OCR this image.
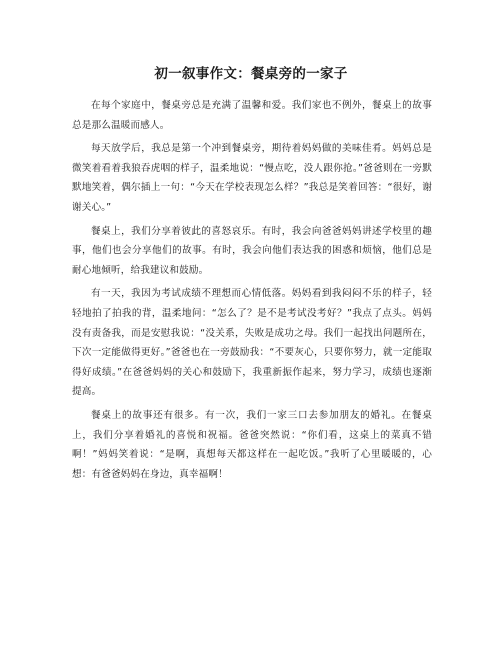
初一叙事作文：餐桌旁的一家子

在每个家庭中，餐桌旁总是充满了温馨和爱。我们家也不例外，餐桌上的故事总是那么温暖而感人。

每天放学后，我总是第一个冲到餐桌旁，期待着妈妈做的美味佳肴。妈妈总是微笑着看着我狼吞虎咽的样子，温柔地说：“慢点吃，没人跟你抢。”爸爸则在一旁默默地笑着，偶尔插上一句：“今天在学校表现怎么样？”我总是笑着回答：“很好，谢谢关心。”

餐桌上，我们分享着彼此的喜怒哀乐。有时，我会向爸爸妈妈讲述学校里的趣事，他们也会分享他们的故事。有时，我会向他们表达我的困惑和烦恼，他们总是耐心地倾听，给我建议和鼓励。

有一天，我因为考试成绩不理想而心情低落。妈妈看到我闷闷不乐的样子，轻轻地拍了拍我的背，温柔地问：“怎么了？是不是考试没考好？”我点了点头。妈妈没有责备我，而是安慰我说：“没关系，失败是成功之母。我们一起找出问题所在，下次一定能做得更好。”爸爸也在一旁鼓励我：“不要灰心，只要你努力，就一定能取得好成绩。”在爸爸妈妈的关心和鼓励下，我重新振作起来，努力学习，成绩也逐渐提高。

餐桌上的故事还有很多。有一次，我们一家三口去参加朋友的婚礼。在餐桌上，我们分享着婚礼的喜悦和祝福。爸爸突然说：“你们看，这桌上的菜真不错啊！”妈妈笑着说：“是啊，真想每天都这样在一起吃饭。”我听了心里暖暖的，心想：有爸爸妈妈在身边，真幸福啊！
